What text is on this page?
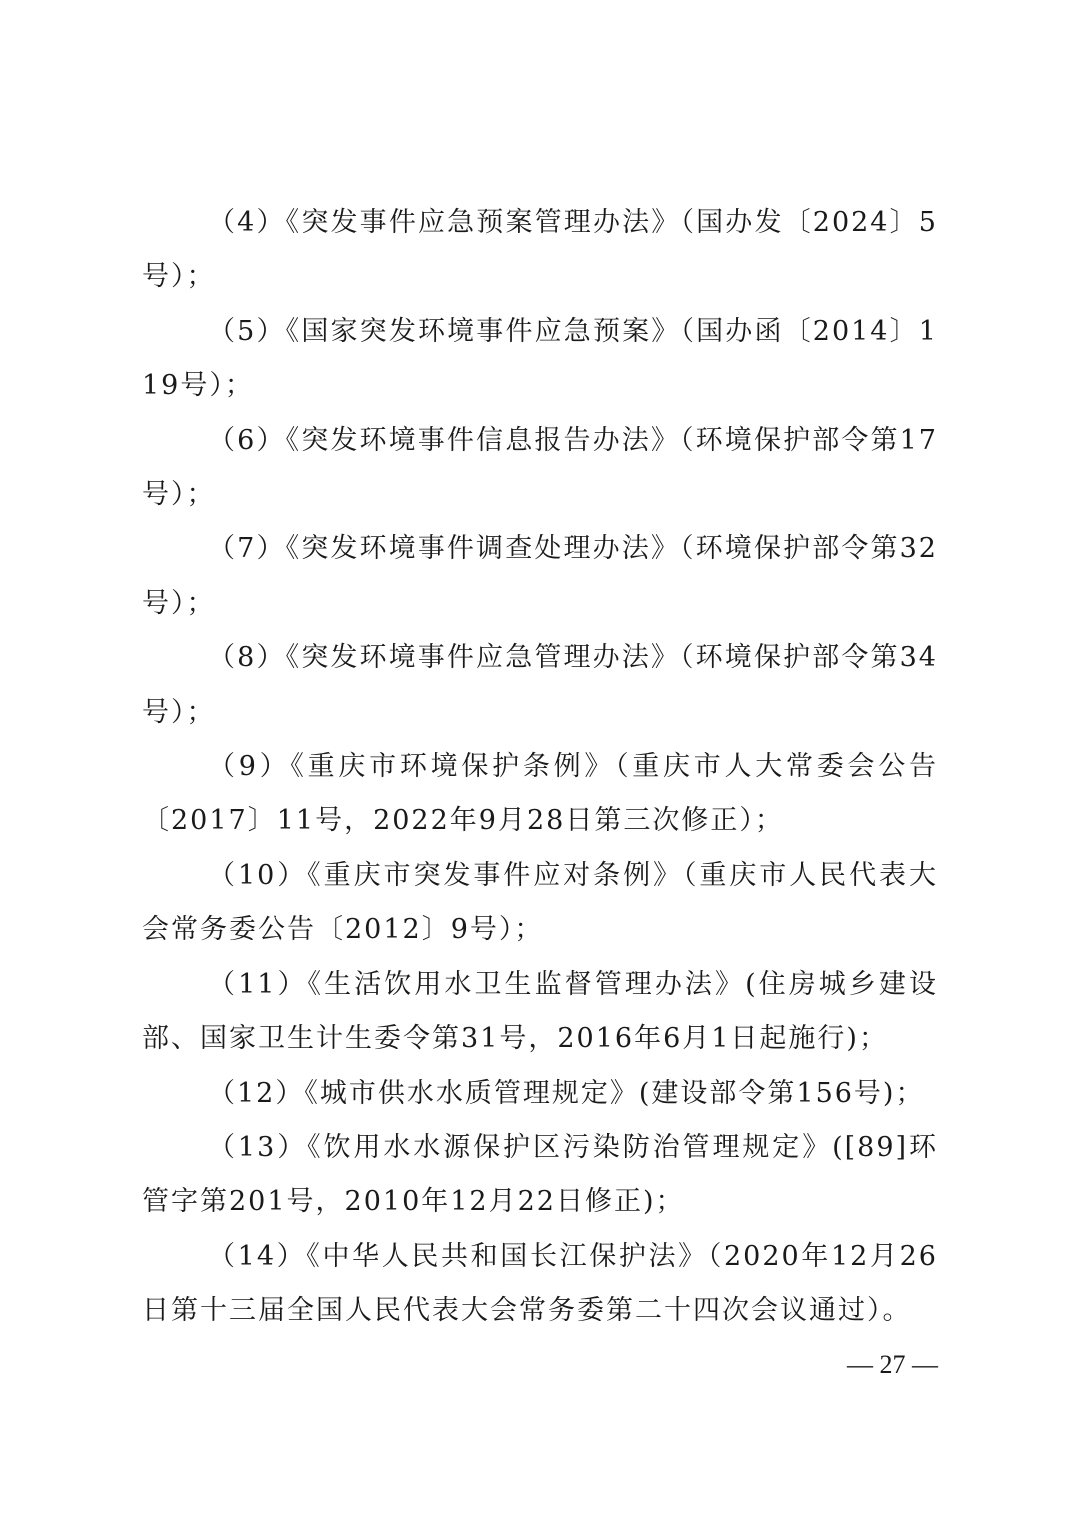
（4）《突发事件应急预案管理办法》（国办发〔2024〕5号）；

（5）《国家突发环境事件应急预案》（国办函〔2014〕119号）；

（6）《突发环境事件信息报告办法》（环境保护部令第17号）；

（7）《突发环境事件调查处理办法》（环境保护部令第32号）；

（8）《突发环境事件应急管理办法》（环境保护部令第34号）；

（9）《重庆市环境保护条例》（重庆市人大常委会公告〔2017〕11号，2022年9月28日第三次修正）；

（10）《重庆市突发事件应对条例》（重庆市人民代表大会常务委公告〔2012〕9号）；

（11）《生活饮用水卫生监督管理办法》(住房城乡建设部、国家卫生计生委令第31号，2016年6月1日起施行)；

（12）《城市供水水质管理规定》(建设部令第156号)；

（13）《饮用水水源保护区污染防治管理规定》([89]环管字第201号，2010年12月22日修正)；

（14）《中华人民共和国长江保护法》（2020年12月26日第十三届全国人民代表大会常务委第二十四次会议通过）。

— 27 —
